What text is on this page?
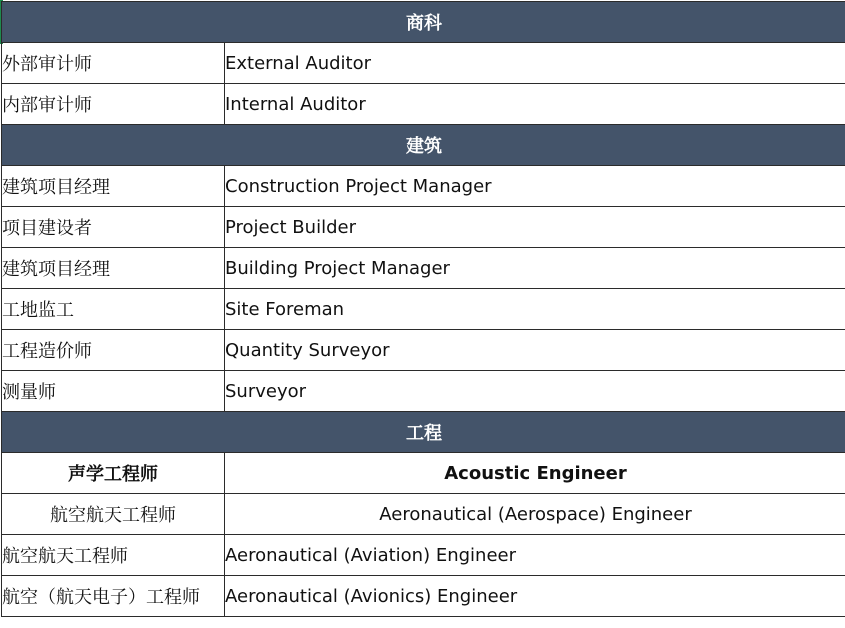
商科	
外部审计师	External Auditor
内部审计师	Internal Auditor
建筑	
建筑项目经理	Construction Project Manager
项目建设者	Project Builder
建筑项目经理	Building Project Manager
工地监工	Site Foreman
工程造价师	Quantity Surveyor
测量师	Surveyor
工程	
声学工程师	Acoustic Engineer
航空航天工程师	Aeronautical (Aerospace) Engineer
航空航天工程师	Aeronautical (Aviation) Engineer
航空（航天电子）工程师	Aeronautical (Avionics) Engineer
